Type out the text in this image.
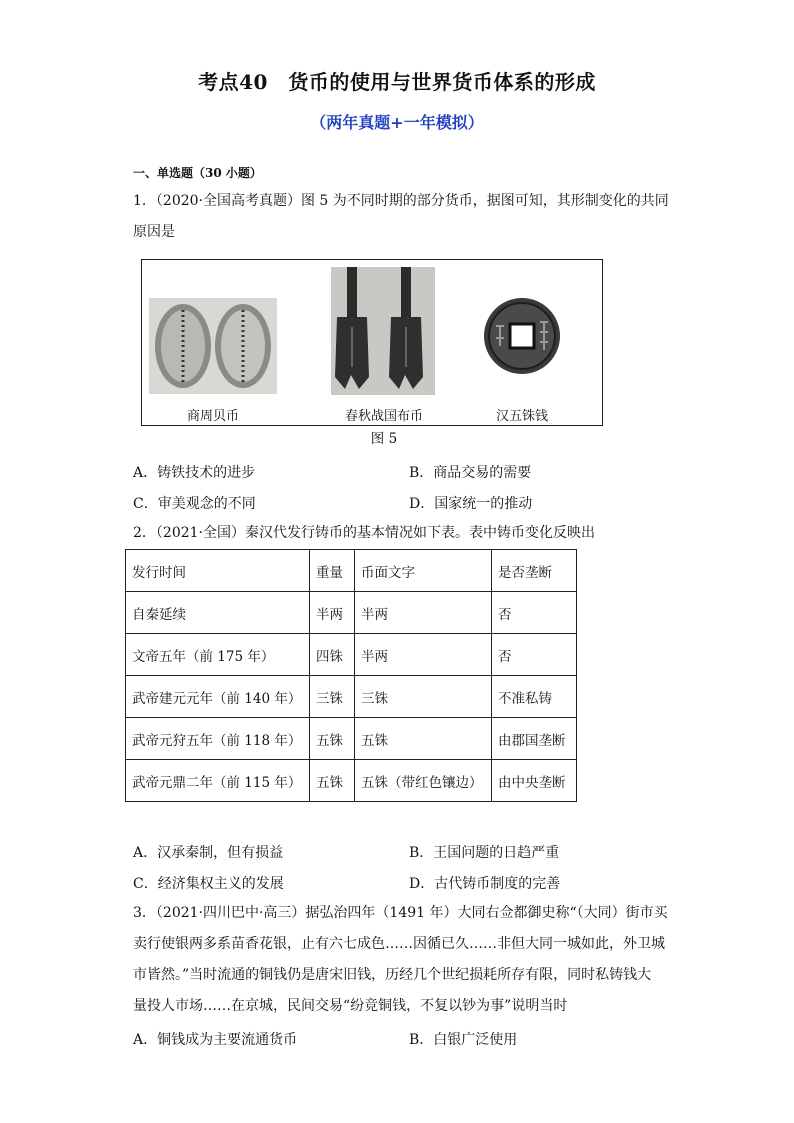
考点40　货币的使用与世界货币体系的形成
（两年真题+一年模拟）
一、单选题（30 小题）
1．（2020·全国高考真题）图 5 为不同时期的部分货币，据图可知，其形制变化的共同
原因是
商周贝币	春秋战国布币	汉五铢钱
图 5
A．铸铁技术的进步	B．商品交易的需要
C．审美观念的不同	D．国家统一的推动
2．（2021·全国）秦汉代发行铸币的基本情况如下表。表中铸币变化反映出
发行时间	重量	币面文字	是否垄断
自秦延续	半两	半两	否
文帝五年（前 175 年）	四铢	半两	否
武帝建元元年（前 140 年）	三铢	三铢	不准私铸
武帝元狩五年（前 118 年）	五铢	五铢	由郡国垄断
武帝元鼎二年（前 115 年）	五铢	五铢（带红色镶边）	由中央垄断
A．汉承秦制，但有损益	B．王国问题的日趋严重
C．经济集权主义的发展	D．古代铸币制度的完善
3．（2021·四川巴中·高三）据弘治四年（1491 年）大同右佥都御史称“（大同）街市买
卖行使银两多系苗香花银，止有六七成色……因循已久……非但大同一城如此，外卫城
市皆然。”当时流通的铜钱仍是唐宋旧钱，历经几个世纪损耗所存有限，同时私铸钱大
量投人市场……在京城，民间交易“纷竞铜钱，不复以钞为事”说明当时
A．铜钱成为主要流通货币	B．白银广泛使用
